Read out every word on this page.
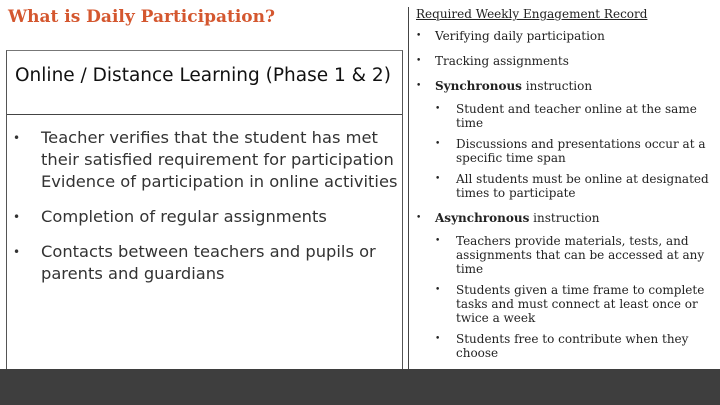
What is Daily Participation?
Online / Distance Learning (Phase 1 & 2)
• Teacher verifies that the student has met their satisfied requirement for participation Evidence of participation in online activities
• Completion of regular assignments
• Contacts between teachers and pupils or parents and guardians

Required Weekly Engagement Record

• Verifying daily participation
• Tracking assignments
• Synchronous instruction
• Student and teacher online at the same time
• Discussions and presentations occur at a specific time span
• All students must be online at designated times to participate
• Asynchronous instruction
• Teachers provide materials, tests, and assignments that can be accessed at any time
• Students given a time frame to complete tasks and must connect at least once or twice a week
• Students free to contribute when they choose
